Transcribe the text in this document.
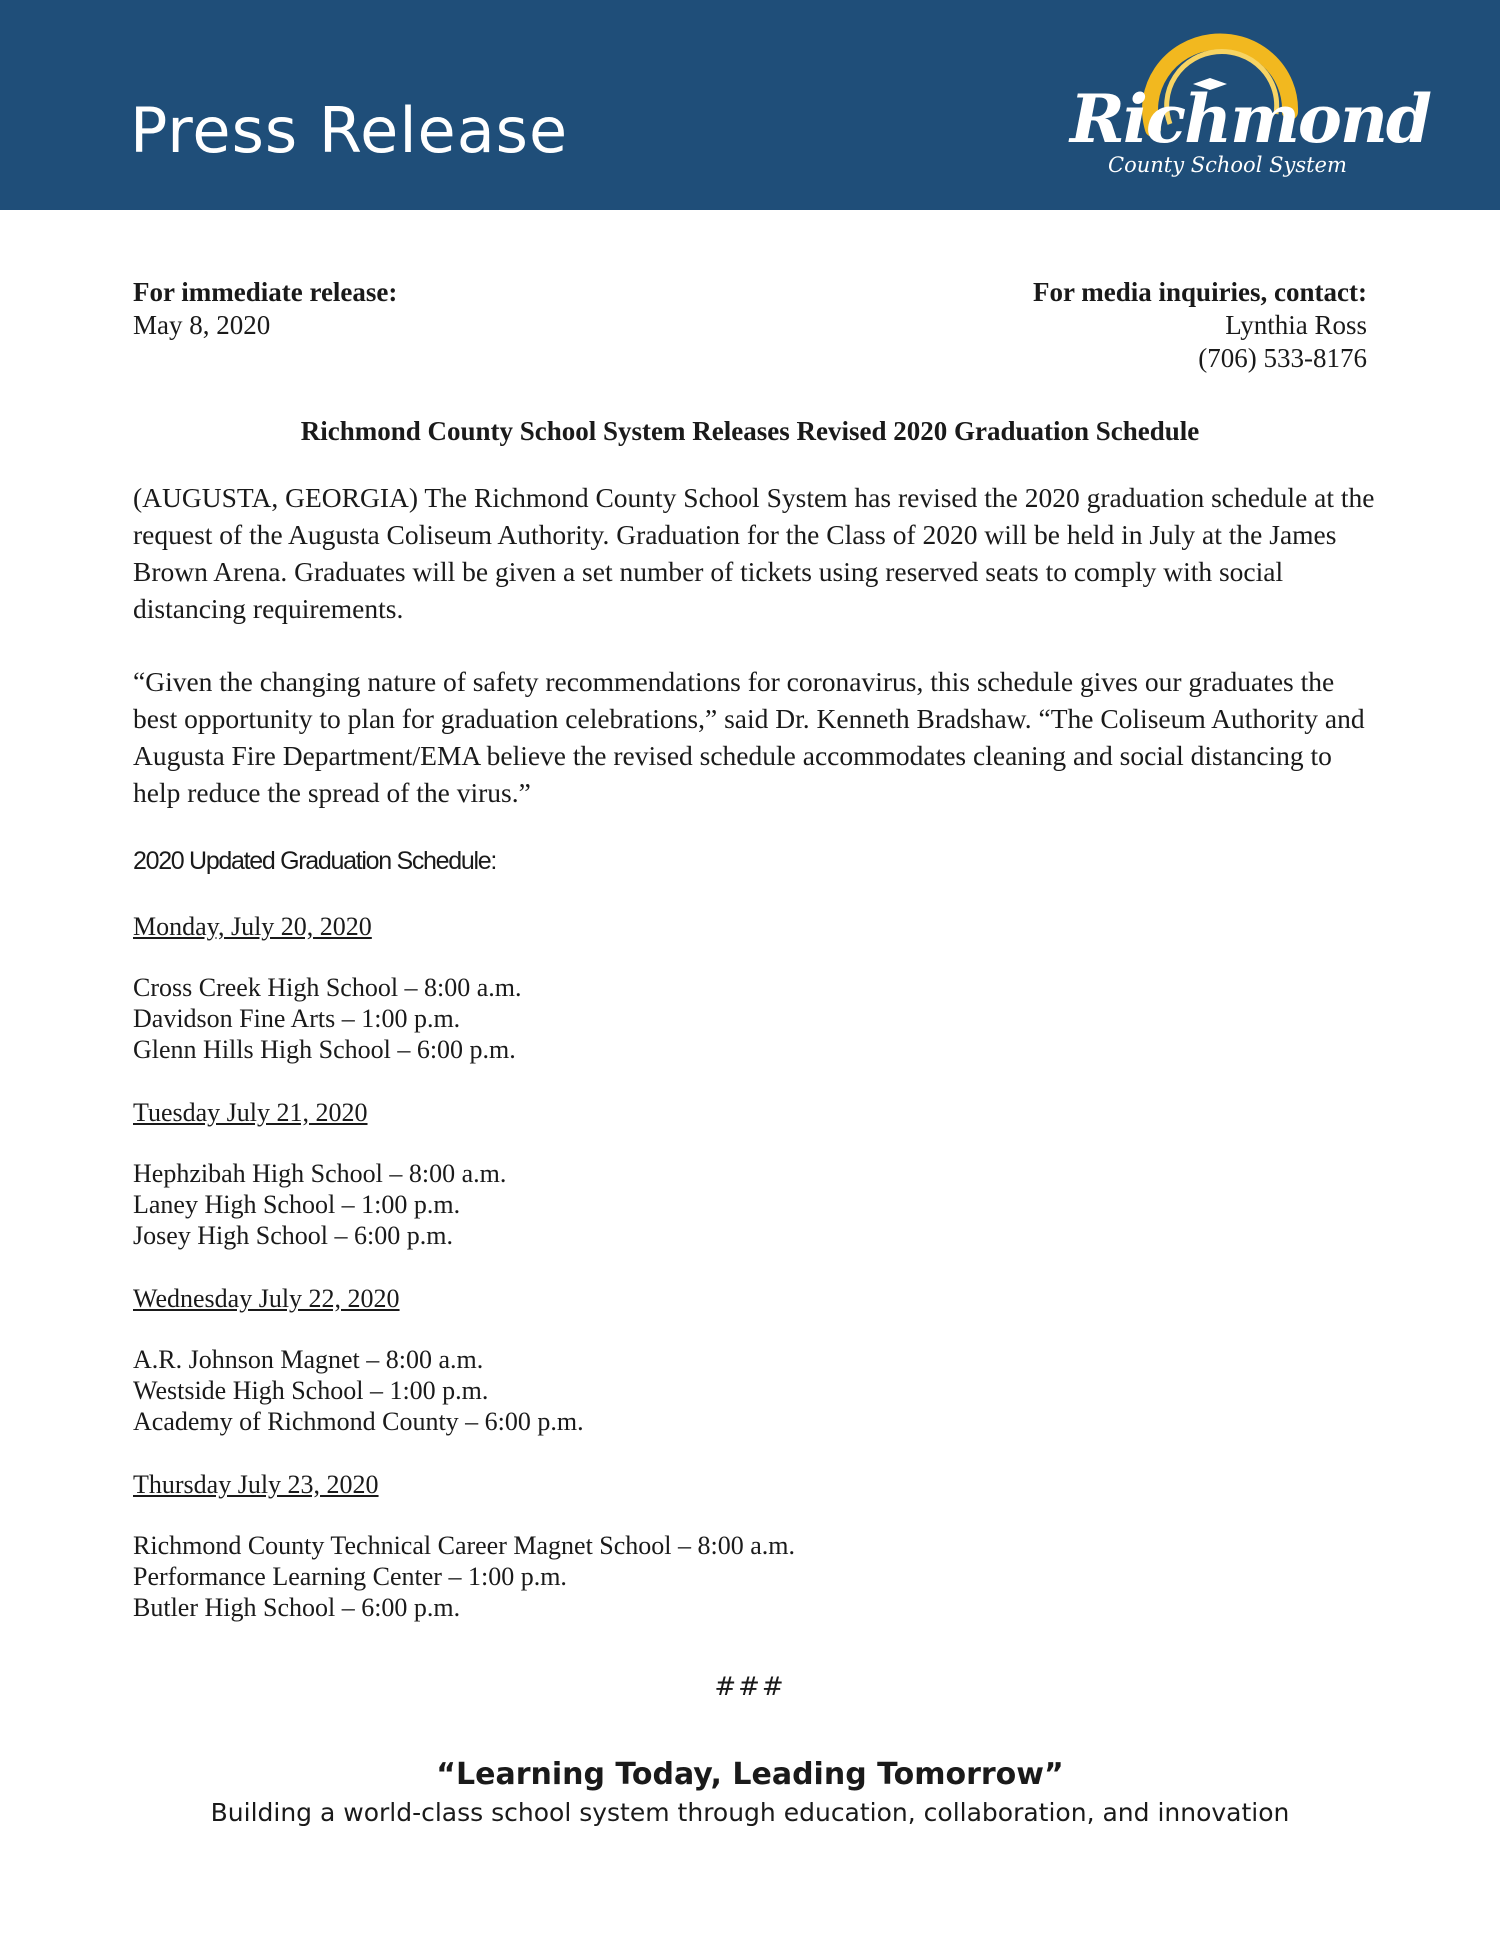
Press Release	Richmond
County School System
For immediate release:
May 8, 2020
For media inquiries, contact:
Lynthia Ross
(706) 533-8176
Richmond County School System Releases Revised 2020 Graduation Schedule

(AUGUSTA, GEORGIA) The Richmond County School System has revised the 2020 graduation schedule at the request of the Augusta Coliseum Authority. Graduation for the Class of 2020 will be held in July at the James Brown Arena. Graduates will be given a set number of tickets using reserved seats to comply with social distancing requirements.

“Given the changing nature of safety recommendations for coronavirus, this schedule gives our graduates the best opportunity to plan for graduation celebrations,” said Dr. Kenneth Bradshaw. “The Coliseum Authority and Augusta Fire Department/EMA believe the revised schedule accommodates cleaning and social distancing to help reduce the spread of the virus.”

2020 Updated Graduation Schedule:
Monday, July 20, 2020
Cross Creek High School – 8:00 a.m.
Davidson Fine Arts – 1:00 p.m.
Glenn Hills High School – 6:00 p.m.
Tuesday July 21, 2020
Hephzibah High School – 8:00 a.m.
Laney High School – 1:00 p.m.
Josey High School – 6:00 p.m.
Wednesday July 22, 2020
A.R. Johnson Magnet – 8:00 a.m.
Westside High School – 1:00 p.m.
Academy of Richmond County – 6:00 p.m.
Thursday July 23, 2020
Richmond County Technical Career Magnet School – 8:00 a.m.
Performance Learning Center – 1:00 p.m.
Butler High School – 6:00 p.m.
###
“Learning Today, Leading Tomorrow”
Building a world-class school system through education, collaboration, and innovation
